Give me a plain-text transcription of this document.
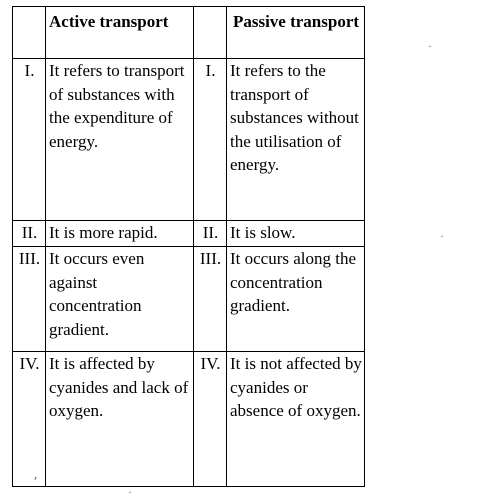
	Active transport		Passive transport
I.	It refers to transport of substances with the expenditure of energy.	I.	It refers to the transport of substances without the utilisation of energy.
II.	It is more rapid.	II.	It is slow.
III.	It occurs even against concentration gradient.	III.	It occurs along the concentration gradient.
IV.	It is affected by cyanides and lack of oxygen.	IV.	It is not affected by cyanides or absence of oxygen.
·
·
,
·
